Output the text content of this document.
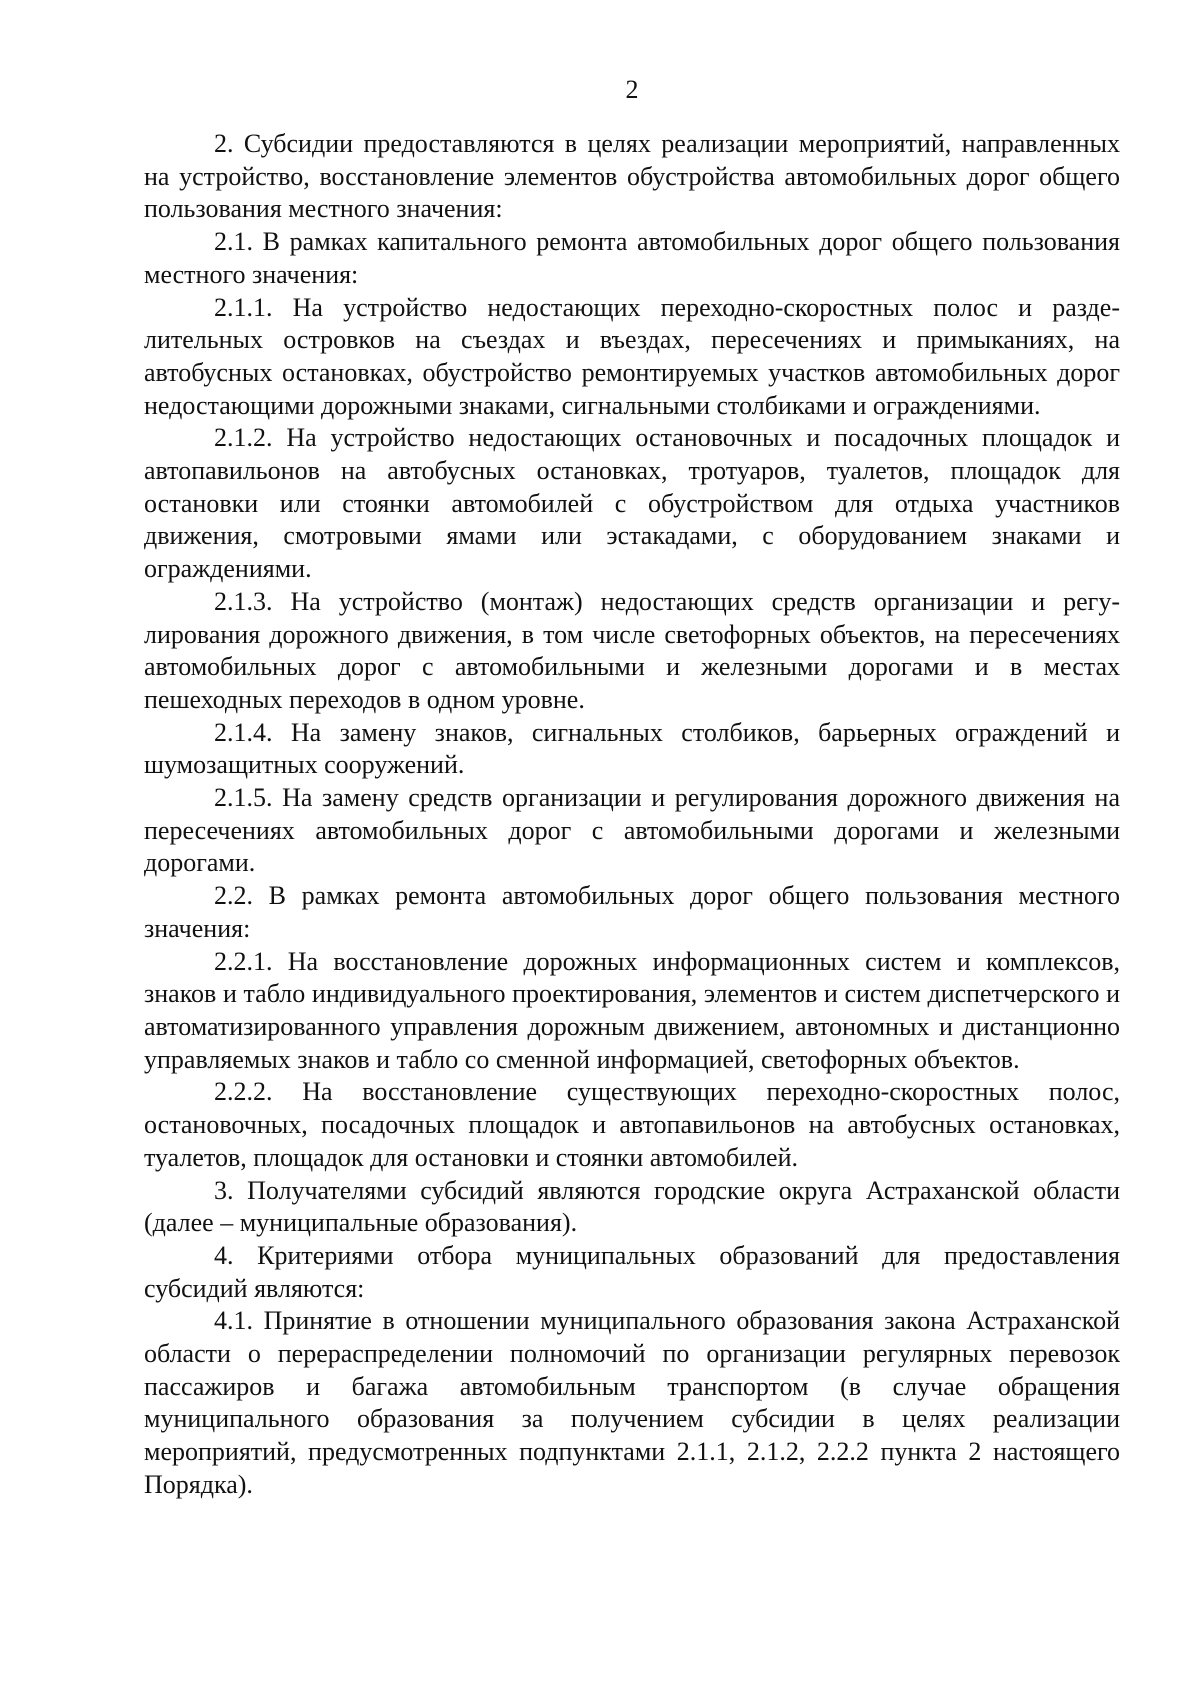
2

2. Субсидии предоставляются в целях реализации мероприятий, направленных на устройство, восстановление элементов обустройства автомобильных дорог общего пользования местного значения:

2.1. В рамках капитального ремонта автомобильных дорог общего пользования местного значения:

2.1.1. На устройство недостающих переходно-скоростных полос и разделительных островков на съездах и въездах, пересечениях и примыканиях, на автобусных остановках, обустройство ремонтируемых участков автомобильных дорог недостающими дорожными знаками, сигнальными столбиками и ограждениями.

2.1.2. На устройство недостающих остановочных и посадочных площадок и автопавильонов на автобусных остановках, тротуаров, туалетов, площадок для остановки или стоянки автомобилей с обустройством для отдыха участников движения, смотровыми ямами или эстакадами, с оборудованием знаками и ограждениями.

2.1.3. На устройство (монтаж) недостающих средств организации и регулирования дорожного движения, в том числе светофорных объектов, на пересечениях автомобильных дорог с автомобильными и железными дорогами и в местах пешеходных переходов в одном уровне.

2.1.4. На замену знаков, сигнальных столбиков, барьерных ограждений и шумозащитных сооружений.

2.1.5. На замену средств организации и регулирования дорожного движения на пересечениях автомобильных дорог с автомобильными дорогами и железными дорогами.

2.2. В рамках ремонта автомобильных дорог общего пользования местного значения:

2.2.1. На восстановление дорожных информационных систем и комплексов, знаков и табло индивидуального проектирования, элементов и систем диспетчерского и автоматизированного управления дорожным движением, автономных и дистанционно управляемых знаков и табло со сменной информацией, светофорных объектов.

2.2.2. На восстановление существующих переходно-скоростных полос, остановочных, посадочных площадок и автопавильонов на автобусных остановках, туалетов, площадок для остановки и стоянки автомобилей.

3. Получателями субсидий являются городские округа Астраханской области (далее – муниципальные образования).

4. Критериями отбора муниципальных образований для предоставления субсидий являются:

4.1. Принятие в отношении муниципального образования закона Астраханской области о перераспределении полномочий по организации регулярных перевозок пассажиров и багажа автомобильным транспортом (в случае обращения муниципального образования за получением субсидии в целях реализации мероприятий, предусмотренных подпунктами 2.1.1, 2.1.2, 2.2.2 пункта 2 настоящего Порядка).
